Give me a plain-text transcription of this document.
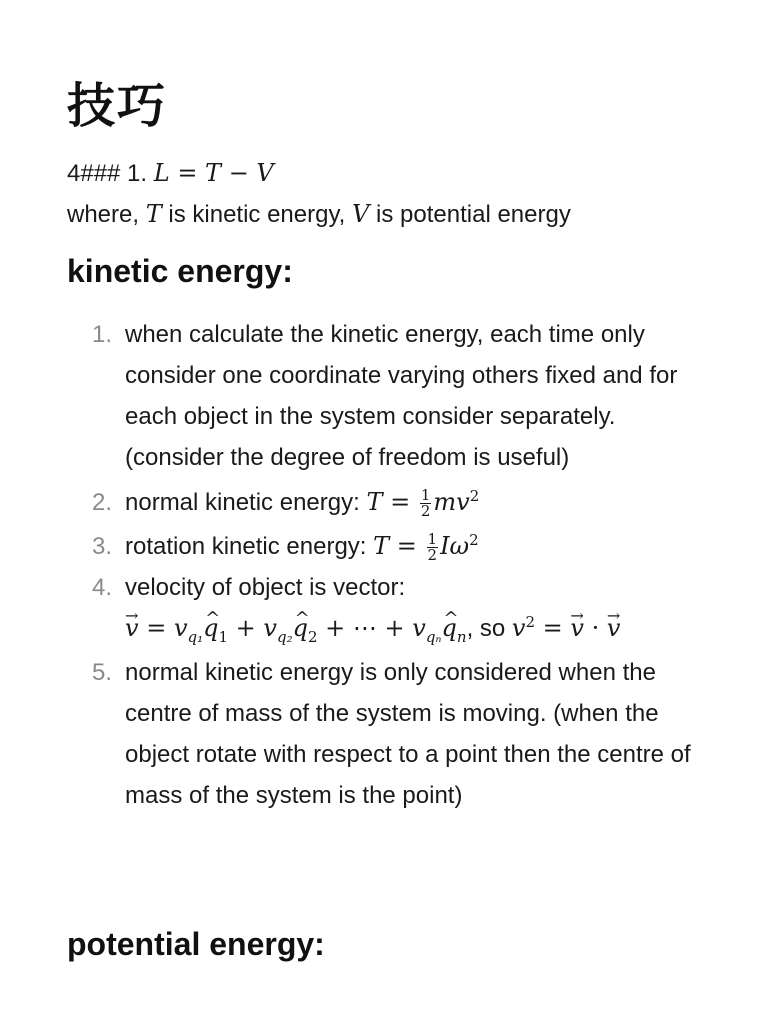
技巧
4### 1. L = T − V
where, T is kinetic energy, V is potential energy
kinetic energy:
1. when calculate the kinetic energy, each time only consider one coordinate varying others fixed and for each object in the system consider separately. (consider the degree of freedom is useful)
2. normal kinetic energy: $T = \frac{1}{2} mv^2$
3. rotation kinetic energy: $T = \frac{1}{2} I\omega^2$
4. velocity of object is vector:
→ $v = v_{q_1}\^{}$ $q_1$ + $v_{q_2}\^{}$ $q_2$ + ⋯ + $v_{q_n}\^{}$ $q_n$, so $v^2$ = → v · → v
5. normal kinetic energy is only considered when the centre of mass of the system is moving. (when the object rotate with respect to a point then the centre of mass of the system is the point)
potential energy:
